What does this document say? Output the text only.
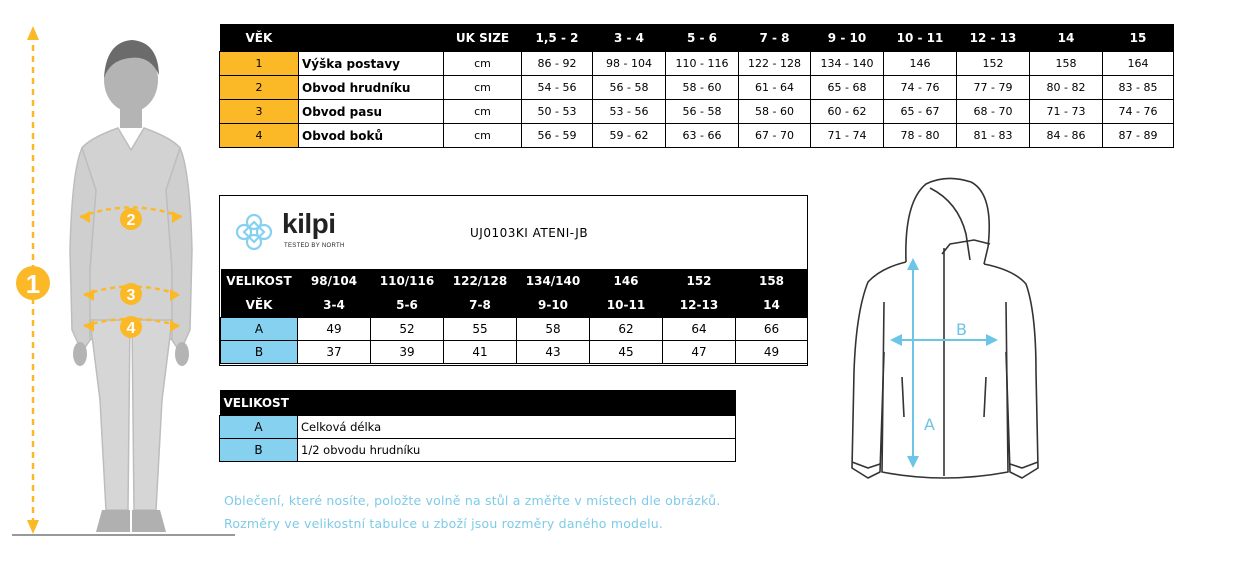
1
2
3
4
VĚK		UK SIZE	1,5 - 2	3 - 4	5 - 6	7 - 8	9 - 10	10 - 11	12 - 13	14	15
1	Výška postavy	cm	86 - 92	98 - 104	110 - 116	122 - 128	134 - 140	146	152	158	164
2	Obvod hrudníku	cm	54 - 56	56 - 58	58 - 60	61 - 64	65 - 68	74 - 76	77 - 79	80 - 82	83 - 85
3	Obvod pasu	cm	50 - 53	53 - 56	56 - 58	58 - 60	60 - 62	65 - 67	68 - 70	71 - 73	74 - 76
4	Obvod boků	cm	56 - 59	59 - 62	63 - 66	67 - 70	71 - 74	78 - 80	81 - 83	84 - 86	87 - 89
kilpi
TESTED BY NORTH
UJ0103KI ATENI-JB
VELIKOST	98/104	110/116	122/128	134/140	146	152	158
VĚK	3-4	5-6	7-8	9-10	10-11	12-13	14
A	49	52	55	58	62	64	66
B	37	39	41	43	45	47	49
VELIKOST	
A	Celková délka
B	1/2 obvodu hrudníku
Oblečení, které nosíte, položte volně na stůl a změřte v místech dle obrázků.
Rozměry ve velikostní tabulce u zboží jsou rozměry daného modelu.
A
B
